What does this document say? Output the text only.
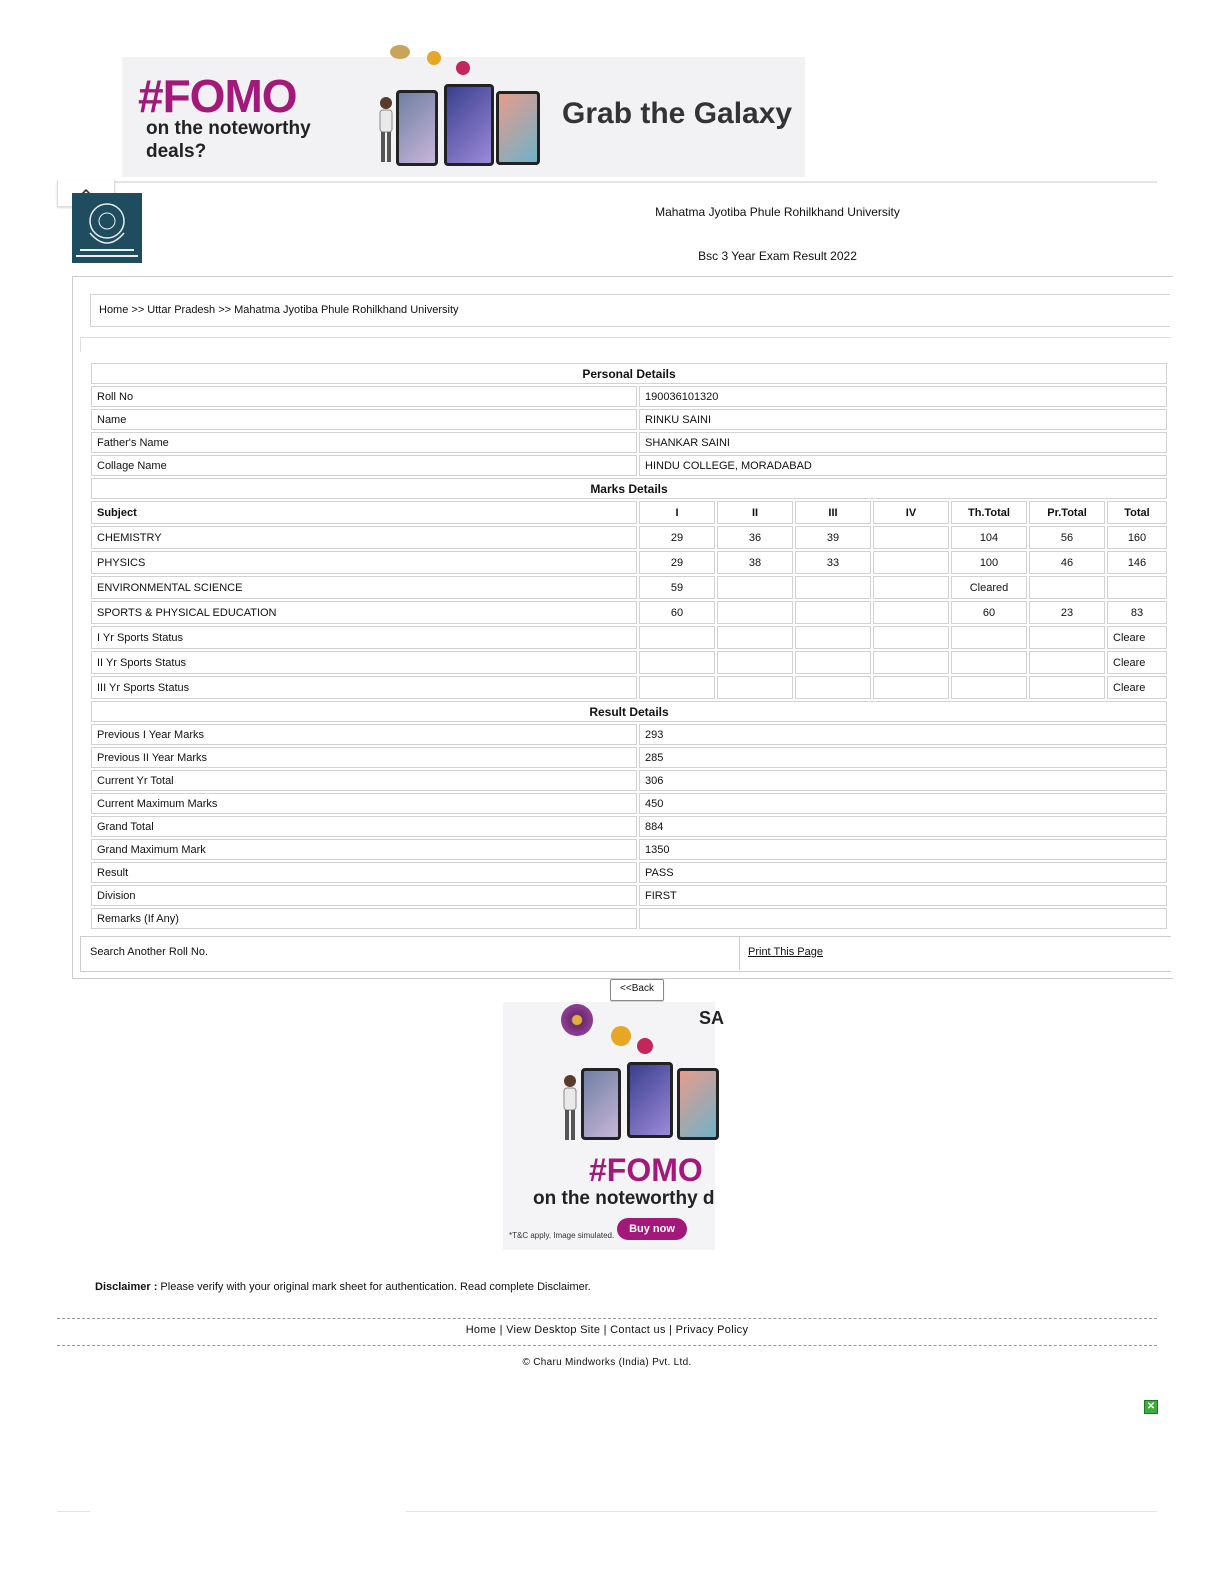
#FOMO
on the noteworthy deals?
Grab the Galaxy
Mahatma Jyotiba Phule Rohilkhand University
Bsc 3 Year Exam Result 2022
Home >> Uttar Pradesh >> Mahatma Jyotiba Phule Rohilkhand University
Personal Details							
Roll No	190036101320						
Name	RINKU SAINI						
Father's Name	SHANKAR SAINI						
Collage Name	HINDU COLLEGE, MORADABAD						
Marks Details							
Subject	I	II	III	IV	Th.Total	Pr.Total	Total
CHEMISTRY	29	36	39		104	56	160
PHYSICS	29	38	33		100	46	146
ENVIRONMENTAL SCIENCE	59				Cleared		
SPORTS & PHYSICAL EDUCATION	60				60	23	83
I Yr Sports Status							Cleare
II Yr Sports Status							Cleare
III Yr Sports Status							Cleare
Result Details							
Previous I Year Marks	293						
Previous II Year Marks	285						
Current Yr Total	306						
Current Maximum Marks	450						
Grand Total	884						
Grand Maximum Mark	1350						
Result	PASS						
Division	FIRST						
Remarks (If Any)							
Search Another Roll No.	Print This Page
<<Back
SA
#FOMO
on the noteworthy d
*T&C apply. Image simulated.
Buy now
Disclaimer : Please verify with your original mark sheet for authentication. Read complete Disclaimer.
Home | View Desktop Site | Contact us | Privacy Policy
© Charu Mindworks (India) Pvt. Ltd.
✕
